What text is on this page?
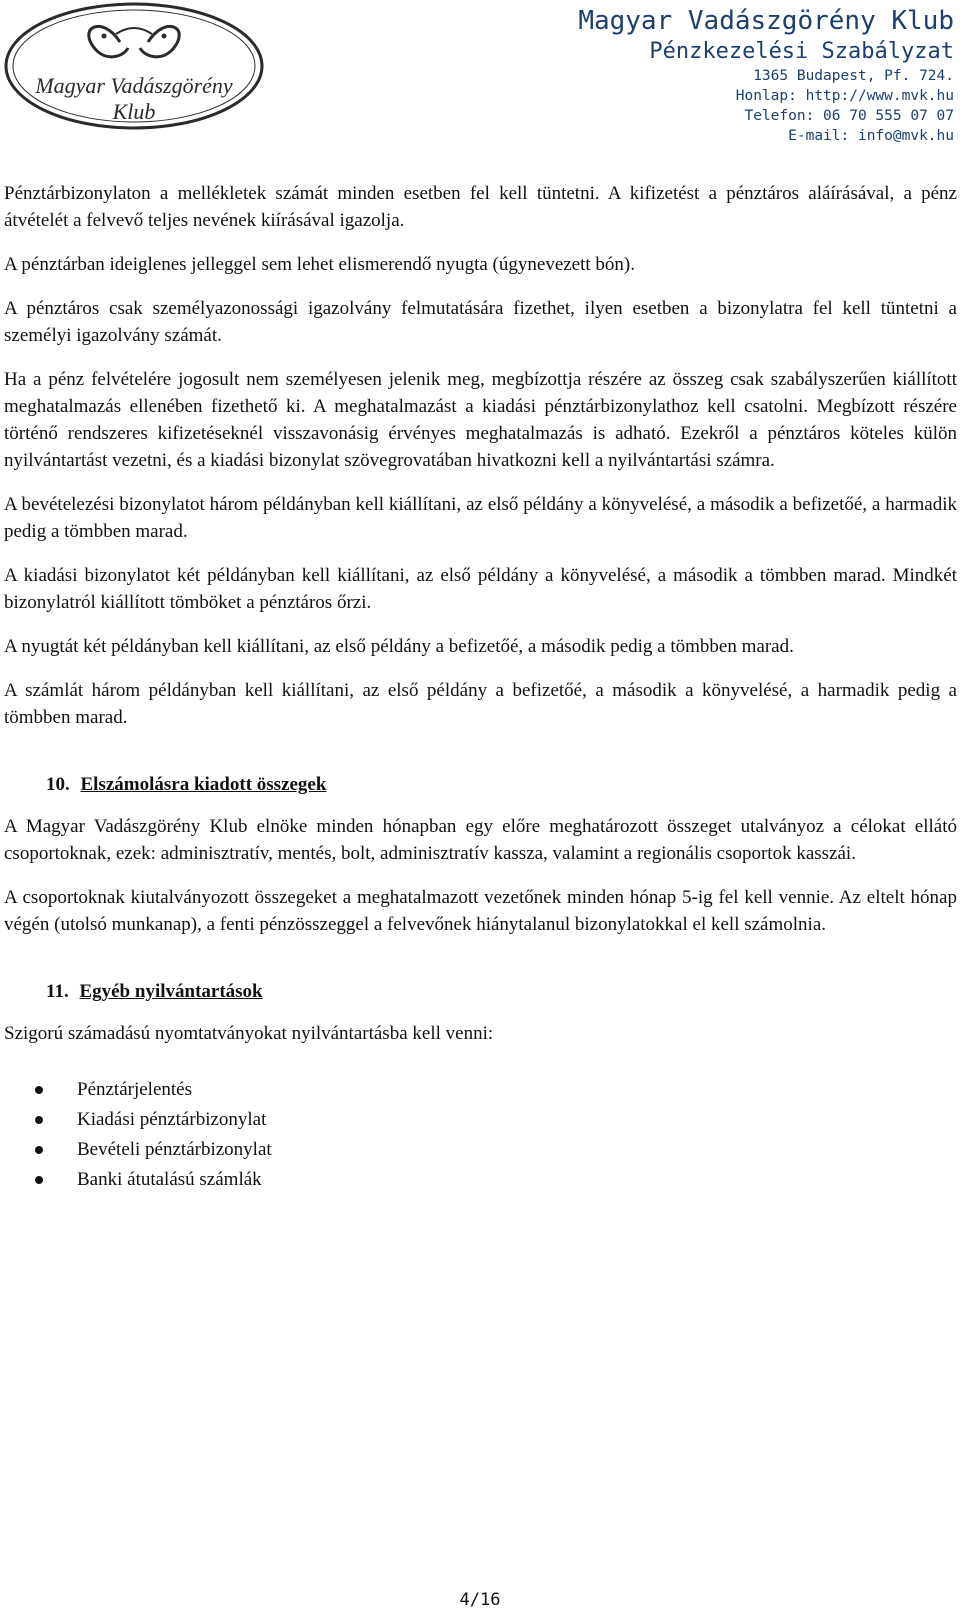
Magyar Vadászgörény
Klub
Magyar Vadászgörény Klub
Pénzkezelési Szabályzat
1365 Budapest, Pf. 724.
Honlap: http://www.mvk.hu
Telefon: 06 70 555 07 07
E-mail: info@mvk.hu

Pénztárbizonylaton a mellékletek számát minden esetben fel kell tüntetni. A kifizetést a pénztáros aláírásával, a pénz átvételét a felvevő teljes nevének kiírásával igazolja.

A pénztárban ideiglenes jelleggel sem lehet elismerendő nyugta (úgynevezett bón).

A pénztáros csak személyazonossági igazolvány felmutatására fizethet, ilyen esetben a bizonylatra fel kell tüntetni a személyi igazolvány számát.

Ha a pénz felvételére jogosult nem személyesen jelenik meg, megbízottja részére az összeg csak szabályszerűen kiállított meghatalmazás ellenében fizethető ki. A meghatalmazást a kiadási pénztárbizonylathoz kell csatolni. Megbízott részére történő rendszeres kifizetéseknél visszavonásig érvényes meghatalmazás is adható. Ezekről a pénztáros köteles külön nyilvántartást vezetni, és a kiadási bizonylat szövegrovatában hivatkozni kell a nyilvántartási számra.

A bevételezési bizonylatot három példányban kell kiállítani, az első példány a könyvelésé, a második a befizetőé, a harmadik pedig a tömbben marad.

A kiadási bizonylatot két példányban kell kiállítani, az első példány a könyvelésé, a második a tömbben marad. Mindkét bizonylatról kiállított tömböket a pénztáros őrzi.

A nyugtát két példányban kell kiállítani, az első példány a befizetőé, a második pedig a tömbben marad.

A számlát három példányban kell kiállítani, az első példány a befizetőé, a második a könyvelésé, a harmadik pedig a tömbben marad.

10. Elszámolásra kiadott összegek

A Magyar Vadászgörény Klub elnöke minden hónapban egy előre meghatározott összeget utalványoz a célokat ellátó csoportoknak, ezek: adminisztratív, mentés, bolt, adminisztratív kassza, valamint a regionális csoportok kasszái.

A csoportoknak kiutalványozott összegeket a meghatalmazott vezetőnek minden hónap 5-ig fel kell vennie. Az eltelt hónap végén (utolsó munkanap), a fenti pénzösszeggel a felvevőnek hiánytalanul bizonylatokkal el kell számolnia.

11. Egyéb nyilvántartások

Szigorú számadású nyomtatványokat nyilvántartásba kell venni:

Pénztárjelentés
Kiadási pénztárbizonylat
Bevételi pénztárbizonylat
Banki átutalású számlák
4/16
